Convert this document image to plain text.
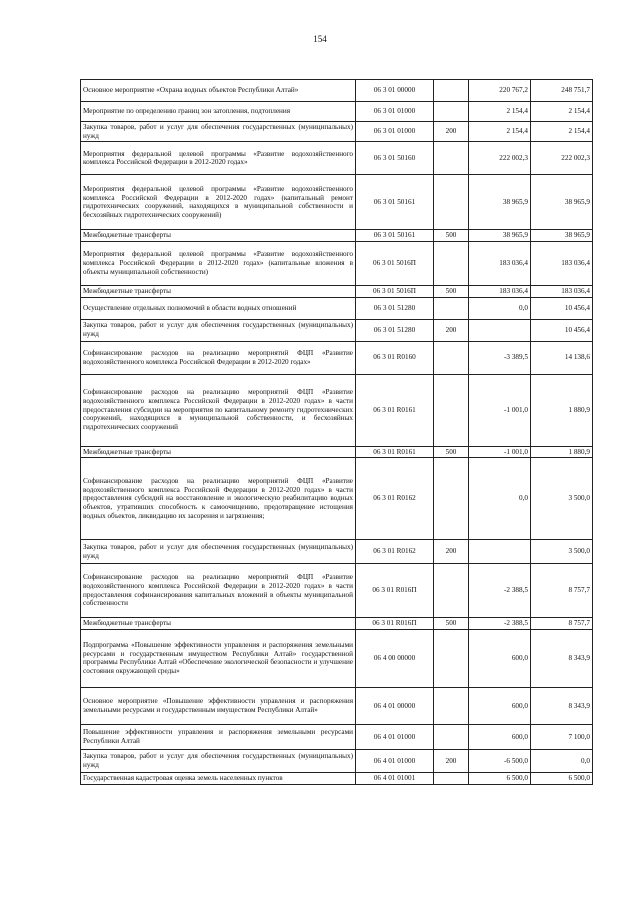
154
Основное мероприятие «Охрана водных объектов Республики Алтай»	06 3 01 00000		220 767,2	248 751,7
Мероприятие по определению границ зон затопления, подтопления	06 3 01 01000		2 154,4	2 154,4
Закупка товаров, работ и услуг для обеспечения государственных (муниципальных) нужд	06 3 01 01000	200	2 154,4	2 154,4
Мероприятия федеральной целевой программы «Развитие водохозяйственного комплекса Российской Федерации в 2012-2020 годах»	06 3 01 50160		222 002,3	222 002,3
Мероприятия федеральной целевой программы «Развитие водохозяйственного комплекса Российской Федерации в 2012-2020 годах» (капитальный ремонт гидротехнических сооружений, находящихся в муниципальной собственности и бесхозяйных гидротехнических сооружений)	06 3 01 50161		38 965,9	38 965,9
Межбюджетные трансферты	06 3 01 50161	500	38 965,9	38 965,9
Мероприятия федеральной целевой программы «Развитие водохозяйственного комплекса Российской Федерации в 2012-2020 годах» (капитальные вложения в объекты муниципальной собственности)	06 3 01 5016П		183 036,4	183 036,4
Межбюджетные трансферты	06 3 01 5016П	500	183 036,4	183 036,4
Осуществление отдельных полномочий в области водных отношений	06 3 01 51280		0,0	10 456,4
Закупка товаров, работ и услуг для обеспечения государственных (муниципальных) нужд	06 3 01 51280	200		10 456,4
Софинансирование расходов на реализацию мероприятий ФЦП «Развитие водохозяйственного комплекса Российской Федерации в 2012-2020 годах»	06 3 01 R0160		-3 389,5	14 138,6
Софинансирование расходов на реализацию мероприятий ФЦП «Развитие водохозяйственного комплекса Российской Федерации в 2012-2020 годах» в части предоставления субсидии на мероприятия по капитальному ремонту гидротехнических сооружений, находящихся в муниципальной собственности, и бесхозяйных гидротехнических сооружений	06 3 01 R0161		-1 001,0	1 880,9
Межбюджетные трансферты	06 3 01 R0161	500	-1 001,0	1 880,9
Софинансирование расходов на реализацию мероприятий ФЦП «Развитие водохозяйственного комплекса Российской Федерации в 2012-2020 годах» в части предоставления субсидий на восстановление и экологическую реабилитацию водных объектов, утративших способность к самоочищению, предотвращение истощения водных объектов, ликвидацию их засорения и загрязнения;	06 3 01 R0162		0,0	3 500,0
Закупка товаров, работ и услуг для обеспечения государственных (муниципальных) нужд	06 3 01 R0162	200		3 500,0
Софинансирование расходов на реализацию мероприятий ФЦП «Развитие водохозяйственного комплекса Российской Федерации в 2012-2020 годах» в части предоставления софинансирования капитальных вложений в объекты муниципальной собственности	06 3 01 R016П		-2 388,5	8 757,7
Межбюджетные трансферты	06 3 01 R016П	500	-2 388,5	8 757,7
Подпрограмма «Повышение эффективности управления и распоряжения земельными ресурсами и государственным имуществом Республики Алтай» государственной программы Республики Алтай «Обеспечение экологической безопасности и улучшение состояния окружающей среды»	06 4 00 00000		600,0	8 343,9
Основное мероприятие «Повышение эффективности управления и распоряжения земельными ресурсами и государственным имуществом Республики Алтай»	06 4 01 00000		600,0	8 343,9
Повышение эффективности управления и распоряжения земельными ресурсами Республики Алтай	06 4 01 01000		600,0	7 100,0
Закупка товаров, работ и услуг для обеспечения государственных (муниципальных) нужд	06 4 01 01000	200	-6 500,0	0,0
Государственная кадастровая оценка земель населенных пунктов	06 4 01 01001		6 500,0	6 500,0
